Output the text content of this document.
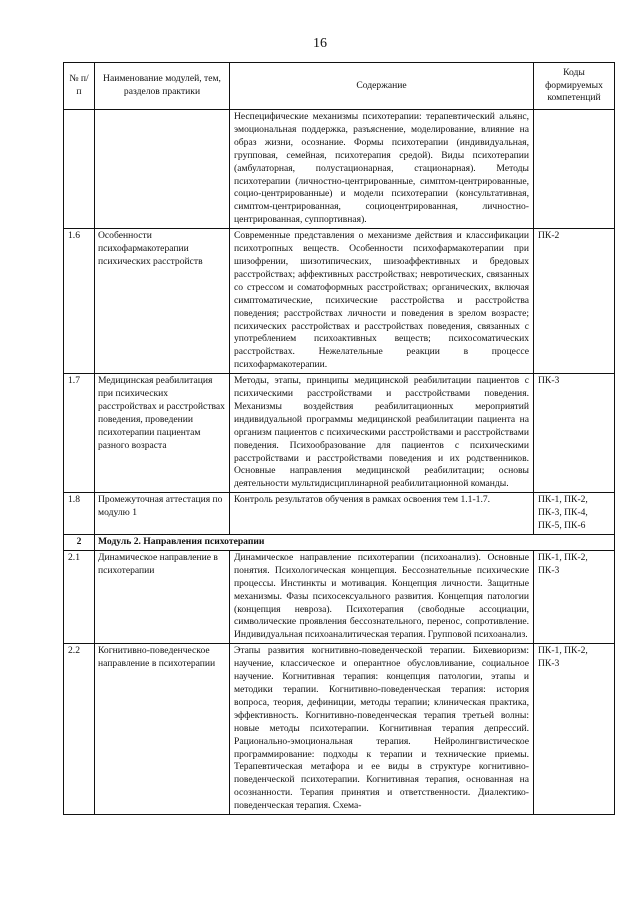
16
№ п/п	Наименование модулей, тем, разделов практики	Содержание	Коды формируемых компетенций
		Неспецифические механизмы психотерапии: терапевтический альянс, эмоциональная поддержка, разъяснение, моделирование, влияние на образ жизни, осознание. Формы психотерапии (индивидуальная, групповая, семейная, психотерапия средой). Виды психотерапии (амбулаторная, полустационарная, стационарная). Методы психотерапии (личностно-центрированные, симптом-центрированные, социо-центрированные) и модели психотерапии (консультативная, симптом-центрированная, социоцентрированная, личностно-центрированная, суппортивная).	
1.6	Особенности психофармакотерапии психических расстройств	Современные представления о механизме действия и классификации психотропных веществ. Особенности психофармакотерапии при шизофрении, шизотипических, шизоаффективных и бредовых расстройствах; аффективных расстройствах; невротических, связанных со стрессом и соматоформных расстройствах; органических, включая симптоматические, психические расстройства и расстройства поведения; расстройствах личности и поведения в зрелом возрасте; психических расстройствах и расстройствах поведения, связанных с употреблением психоактивных веществ; психосоматических расстройствах. Нежелательные реакции в процессе психофармакотерапии.	ПК-2
1.7	Медицинская реабилитация при психических расстройствах и расстройствах поведения, проведении психотерапии пациентам разного возраста	Методы, этапы, принципы медицинской реабилитации пациентов с психическими расстройствами и расстройствами поведения. Механизмы воздействия реабилитационных мероприятий индивидуальной программы медицинской реабилитации пациента на организм пациентов с психическими расстройствами и расстройствами поведения. Психообразование для пациентов с психическими расстройствами и расстройствами поведения и их родственников. Основные направления медицинской реабилитации; основы деятельности мультидисциплинарной реабилитационной команды.	ПК-3
1.8	Промежуточная аттестация по модулю 1	Контроль результатов обучения в рамках освоения тем 1.1-1.7.	ПК-1, ПК-2, ПК-3, ПК-4, ПК-5, ПК-6
2	Модуль 2. Направления психотерапии		
2.1	Динамическое направление в психотерапии	Динамическое направление психотерапии (психоанализ). Основные понятия. Психологическая концепция. Бессознательные психические процессы. Инстинкты и мотивация. Концепция личности. Защитные механизмы. Фазы психосексуального развития. Концепция патологии (концепция невроза). Психотерапия (свободные ассоциации, символические проявления бессознательного, перенос, сопротивление. Индивидуальная психоаналитическая терапия. Групповой психоанализ.	ПК-1, ПК-2, ПК-3
2.2	Когнитивно-поведенческое направление в психотерапии	Этапы развития когнитивно-поведенческой терапии. Бихевиоризм: научение, классическое и оперантное обусловливание, социальное научение. Когнитивная терапия: концепция патологии, этапы и методики терапии. Когнитивно-поведенческая терапия: история вопроса, теория, дефиниции, методы терапии; клиническая практика, эффективность. Когнитивно-поведенческая терапия третьей волны: новые методы психотерапии. Когнитивная терапия депрессий. Рационально-эмоциональная терапия. Нейролингвистическое программирование: подходы к терапии и технические приемы. Терапевтическая метафора и ее виды в структуре когнитивно-поведенческой психотерапии. Когнитивная терапия, основанная на осознанности. Терапия принятия и ответственности. Диалектико-поведенческая терапия. Схема-	ПК-1, ПК-2, ПК-3
